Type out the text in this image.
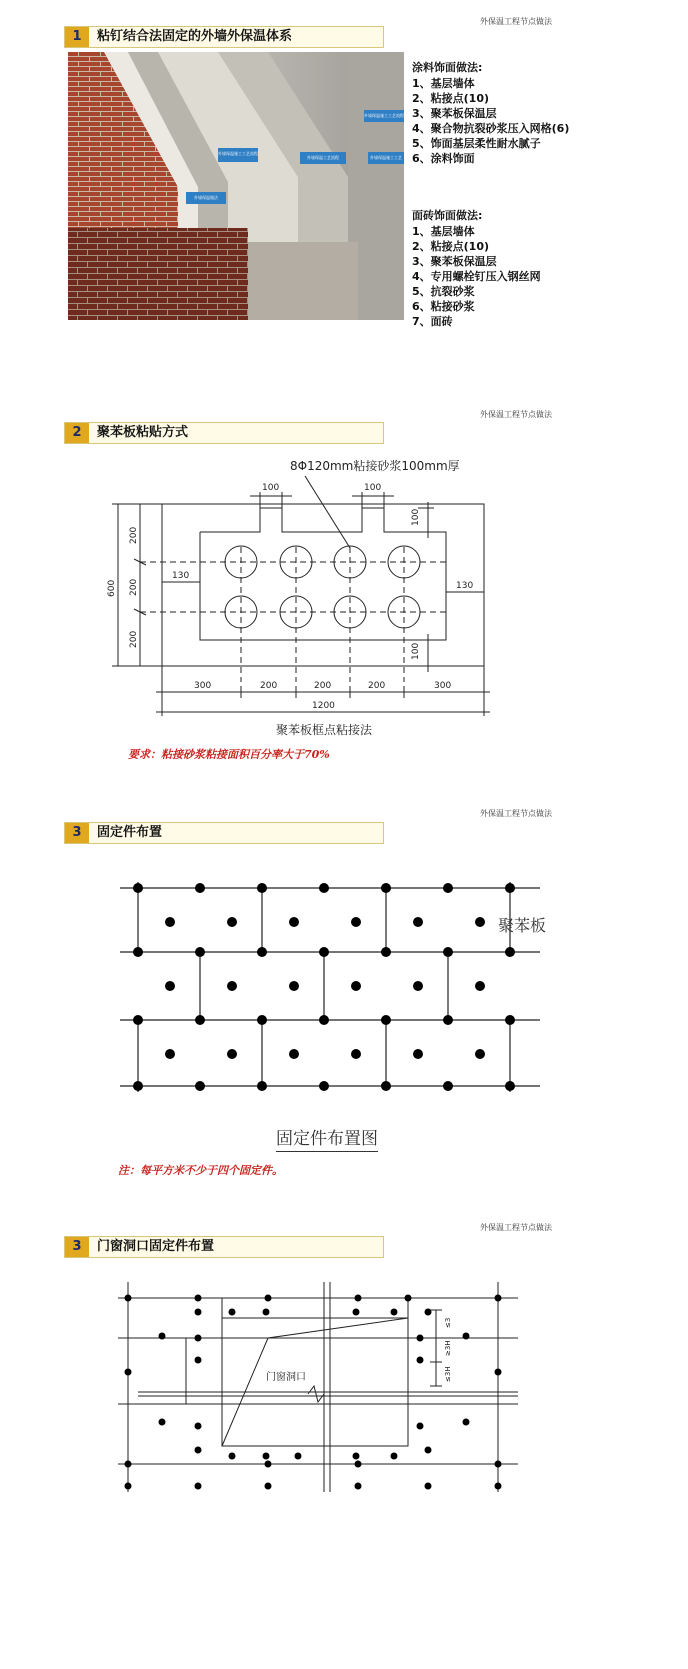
外保温工程节点做法
1	粘钉结合法固定的外墙外保温体系
外墙保温施工工艺流程
外墙保温工艺流程	外墙保温施工工艺
外墙保温施工工艺流程
外墙保温做法
涂料饰面做法:
1、基层墙体
2、粘接点(10)
3、聚苯板保温层
4、聚合物抗裂砂浆压入网格(6)
5、饰面基层柔性耐水腻子
6、涂料饰面
面砖饰面做法:
1、基层墙体
2、粘接点(10)
3、聚苯板保温层
4、专用螺栓钉压入钢丝网
5、抗裂砂浆
6、粘接砂浆
7、面砖
外保温工程节点做法
2	聚苯板粘贴方式
8Φ120mm粘接砂浆100mm厚
100	100
100
100
130
130
600
200
200
200
300	200	200	200	300
1200
聚苯板框点粘接法
要求：粘接砂浆粘接面积百分率大于70%
外保温工程节点做法
3	固定件布置
聚苯板
固定件布置图
注：每平方米不少于四个固定件。
外保温工程节点做法
3	门窗洞口固定件布置
门窗洞口
≤3
≥3H
≤3H
